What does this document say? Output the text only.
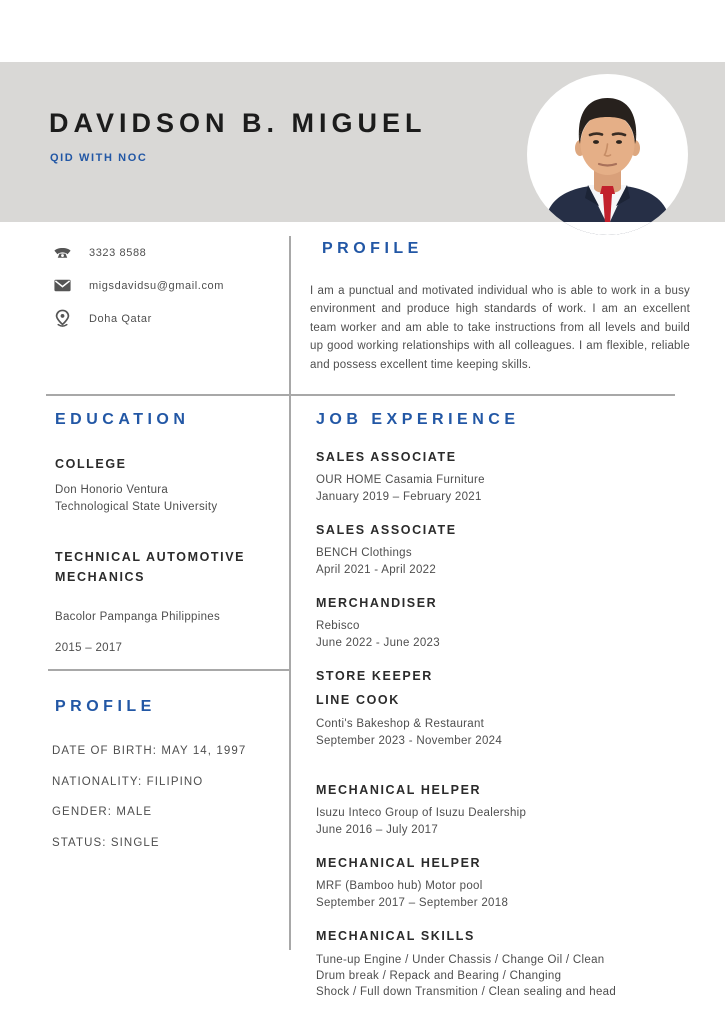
DAVIDSON B. MIGUEL
QID WITH NOC
3323 8588
migsdavidsu@gmail.com
Doha Qatar
PROFILE

I am a punctual and motivated individual who is able to work in a busy environment and produce high standards of work. I am an excellent team worker and am able to take instructions from all levels and build up good working relationships with all colleagues. I am flexible, reliable and possess excellent time keeping skills.

EDUCATION
COLLEGE
Don Honorio Ventura
Technological State University
TECHNICAL AUTOMOTIVE MECHANICS
Bacolor Pampanga Philippines
2015 – 2017
PROFILE
DATE OF BIRTH: MAY 14, 1997
NATIONALITY: FILIPINO
GENDER: MALE
STATUS: SINGLE
JOB EXPERIENCE
SALES ASSOCIATE
OUR HOME Casamia Furniture
January 2019 – February 2021
SALES ASSOCIATE
BENCH Clothings
April 2021 - April 2022
MERCHANDISER
Rebisco
June 2022 - June 2023
STORE KEEPER
LINE COOK
Conti's Bakeshop & Restaurant
September 2023 - November 2024
MECHANICAL HELPER
Isuzu Inteco Group of Isuzu Dealership
June 2016 – July 2017
MECHANICAL HELPER
MRF (Bamboo hub) Motor pool
September 2017 – September 2018
MECHANICAL SKILLS
Tune-up Engine / Under Chassis / Change Oil / Clean
Drum break / Repack and Bearing / Changing
Shock / Full down Transmition / Clean sealing and head
